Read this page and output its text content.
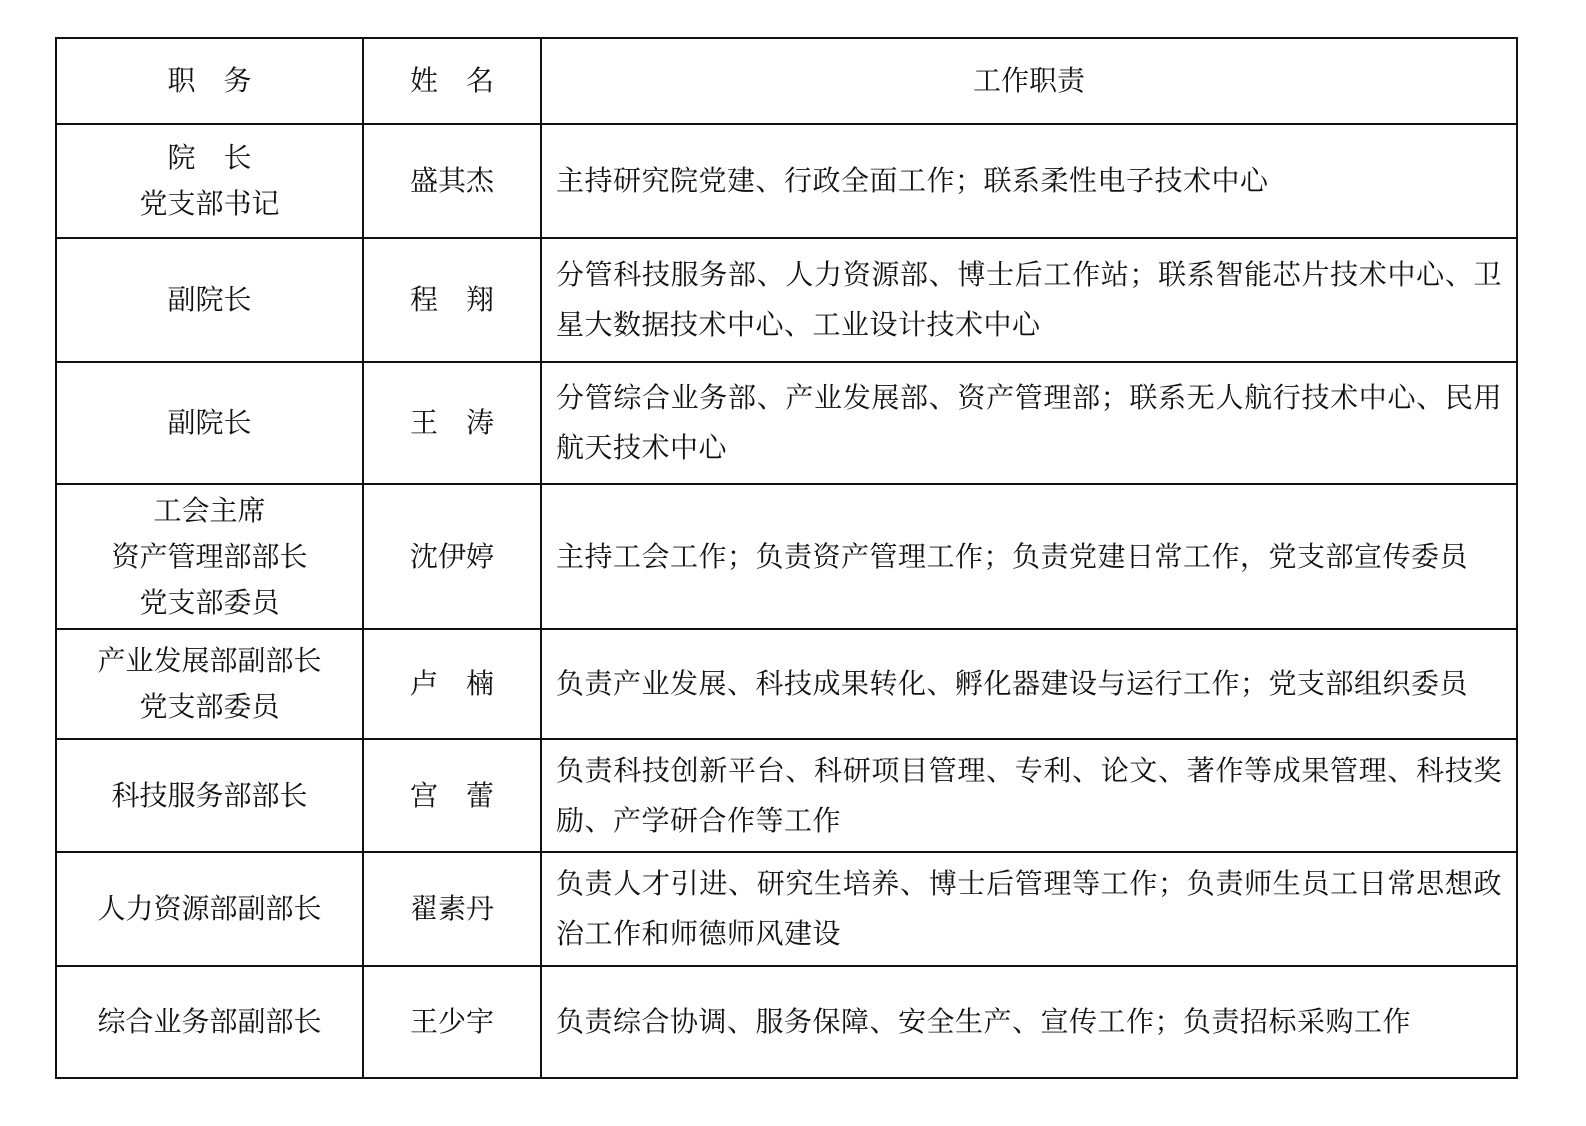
职　务	姓　名	工作职责

院　长
党支部书记	盛其杰	主持研究院党建、行政全面工作；联系柔性电子技术中心

副院长	程　翔	分管科技服务部、人力资源部、博士后工作站；联系智能芯片技术中心、卫星大数据技术中心、工业设计技术中心

副院长	王　涛	分管综合业务部、产业发展部、资产管理部；联系无人航行技术中心、民用航天技术中心

工会主席
资产管理部部长
党支部委员	沈伊婷	主持工会工作；负责资产管理工作；负责党建日常工作，党支部宣传委员

产业发展部副部长
党支部委员	卢　楠	负责产业发展、科技成果转化、孵化器建设与运行工作；党支部组织委员

科技服务部部长	宫　蕾	负责科技创新平台、科研项目管理、专利、论文、著作等成果管理、科技奖励、产学研合作等工作

人力资源部副部长	翟素丹	负责人才引进、研究生培养、博士后管理等工作；负责师生员工日常思想政治工作和师德师风建设

综合业务部副部长	王少宇	负责综合协调、服务保障、安全生产、宣传工作；负责招标采购工作
